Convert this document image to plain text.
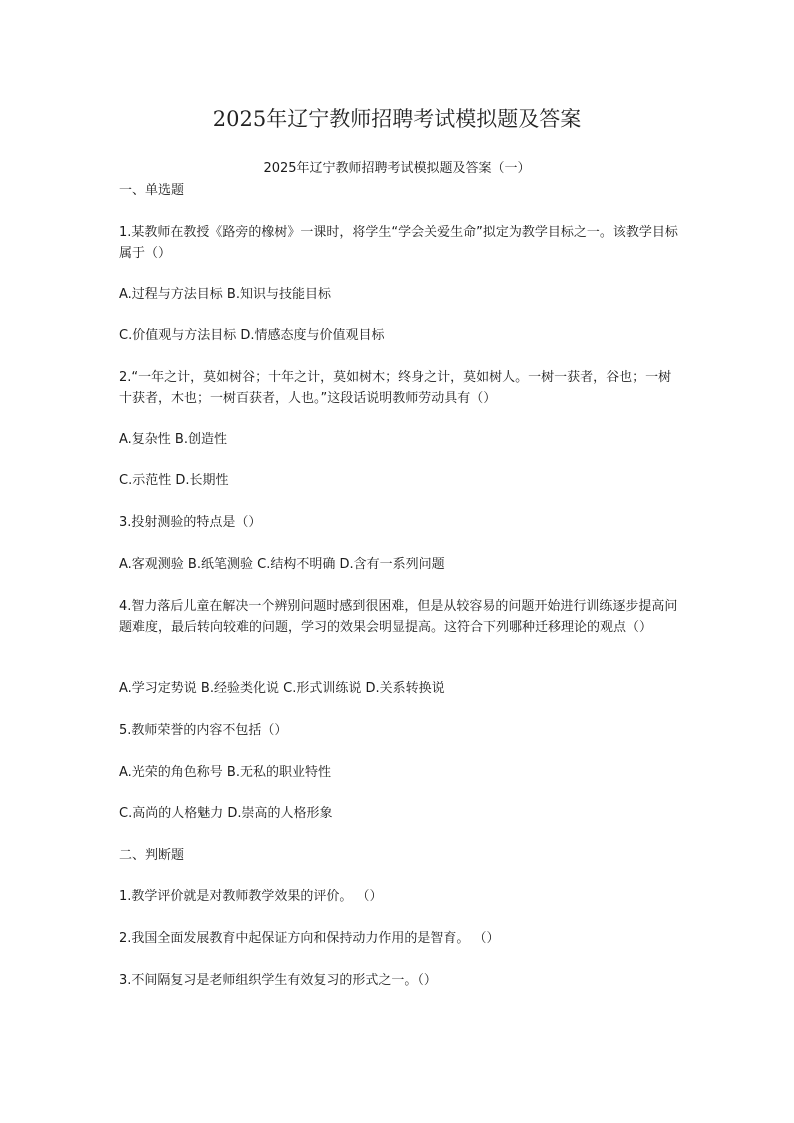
2025年辽宁教师招聘考试模拟题及答案
2025年辽宁教师招聘考试模拟题及答案（一）
一、单选题
1.某教师在教授《路旁的橡树》一课时，将学生“学会关爱生命”拟定为教学目标之一。该教学目标属于（）
A.过程与方法目标 B.知识与技能目标
C.价值观与方法目标 D.情感态度与价值观目标
2.“一年之计，莫如树谷；十年之计，莫如树木；终身之计，莫如树人。一树一获者，谷也；一树十获者，木也；一树百获者，人也。”这段话说明教师劳动具有（）
A.复杂性 B.创造性
C.示范性 D.长期性
3.投射测验的特点是（）
A.客观测验 B.纸笔测验 C.结构不明确 D.含有一系列问题
4.智力落后儿童在解决一个辨别问题时感到很困难，但是从较容易的问题开始进行训练逐步提高问题难度，最后转向较难的问题，学习的效果会明显提高。这符合下列哪种迁移理论的观点（）
A.学习定势说 B.经验类化说 C.形式训练说 D.关系转换说
5.教师荣誉的内容不包括（）
A.光荣的角色称号 B.无私的职业特性
C.高尚的人格魅力 D.崇高的人格形象
二、判断题
1.教学评价就是对教师教学效果的评价。 （）
2.我国全面发展教育中起保证方向和保持动力作用的是智育。 （）
3.不间隔复习是老师组织学生有效复习的形式之一。（）
